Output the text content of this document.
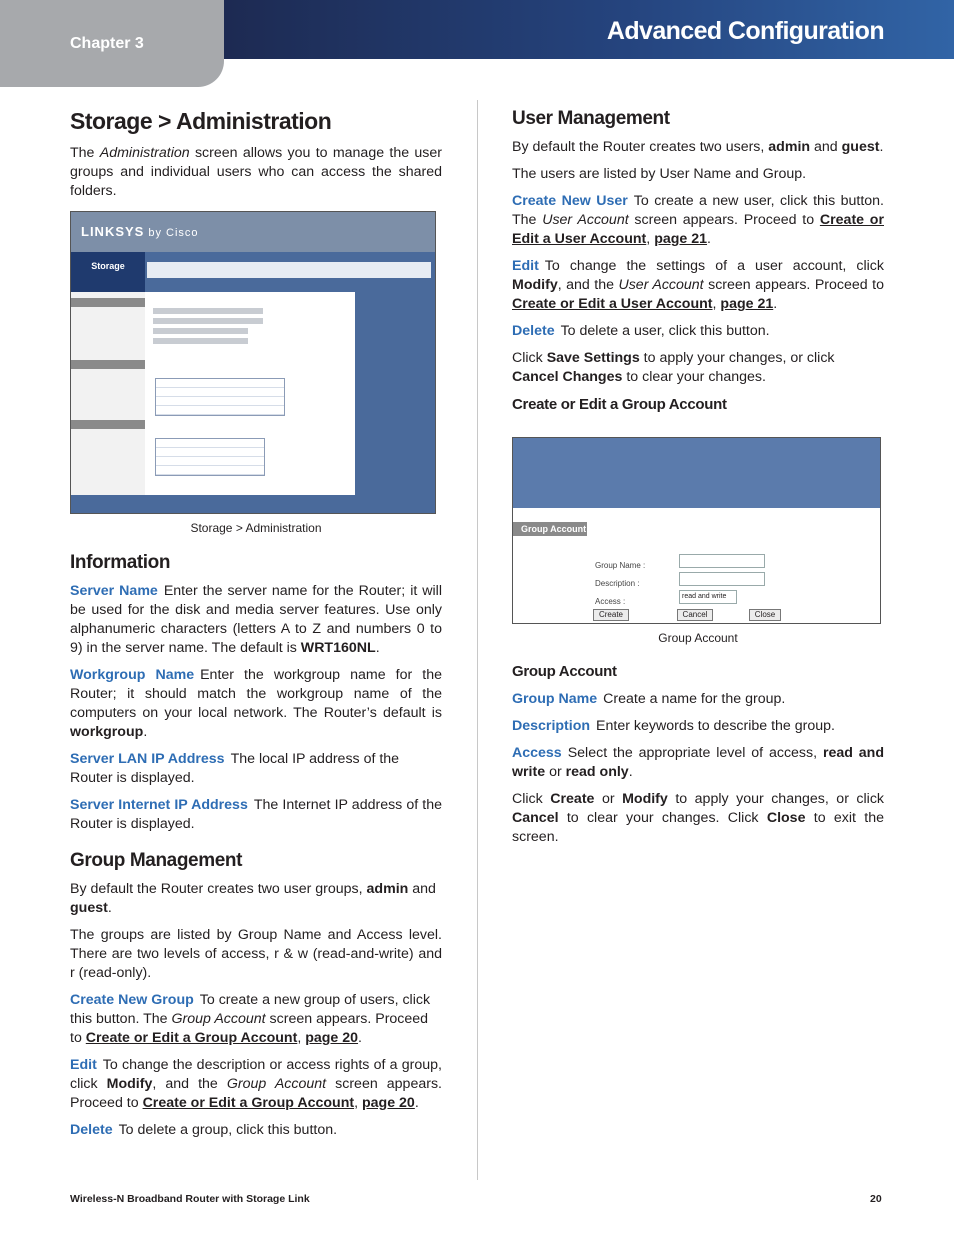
Chapter 3	Advanced Configuration
Storage > Administration

The Administration screen allows you to manage the user groups and individual users who can access the shared folders.

LINKSYS by Cisco
Storage
Storage > Administration
Information

Server Name Enter the server name for the Router; it will be used for the disk and media server features. Use only alphanumeric characters (letters A to Z and numbers 0 to 9) in the server name. The default is WRT160NL.

Workgroup Name Enter the workgroup name for the Router; it should match the workgroup name of the computers on your local network. The Router’s default is workgroup.

Server LAN IP Address The local IP address of the Router is displayed.

Server Internet IP Address The Internet IP address of the Router is displayed.

Group Management

By default the Router creates two user groups, admin and guest.

The groups are listed by Group Name and Access level. There are two levels of access, r & w (read-and-write) and r (read-only).

Create New Group To create a new group of users, click this button. The Group Account screen appears. Proceed to Create or Edit a Group Account, page 20.

Edit To change the description or access rights of a group, click Modify, and the Group Account screen appears. Proceed to Create or Edit a Group Account, page 20.

Delete To delete a group, click this button.

User Management

By default the Router creates two users, admin and guest.

The users are listed by User Name and Group.

Create New User To create a new user, click this button. The User Account screen appears. Proceed to Create or Edit a User Account, page 21.

Edit To change the settings of a user account, click Modify, and the User Account screen appears. Proceed to Create or Edit a User Account, page 21.

Delete To delete a user, click this button.

Click Save Settings to apply your changes, or click Cancel Changes to clear your changes.

Create or Edit a Group Account
Group Account
Group Name :
Description :
Access :
read and write
Create	Cancel	Close
Group Account
Group Account

Group Name Create a name for the group.

Description Enter keywords to describe the group.

Access Select the appropriate level of access, read and write or read only.

Click Create or Modify to apply your changes, or click Cancel to clear your changes. Click Close to exit the screen.

Wireless-N Broadband Router with Storage Link	20
